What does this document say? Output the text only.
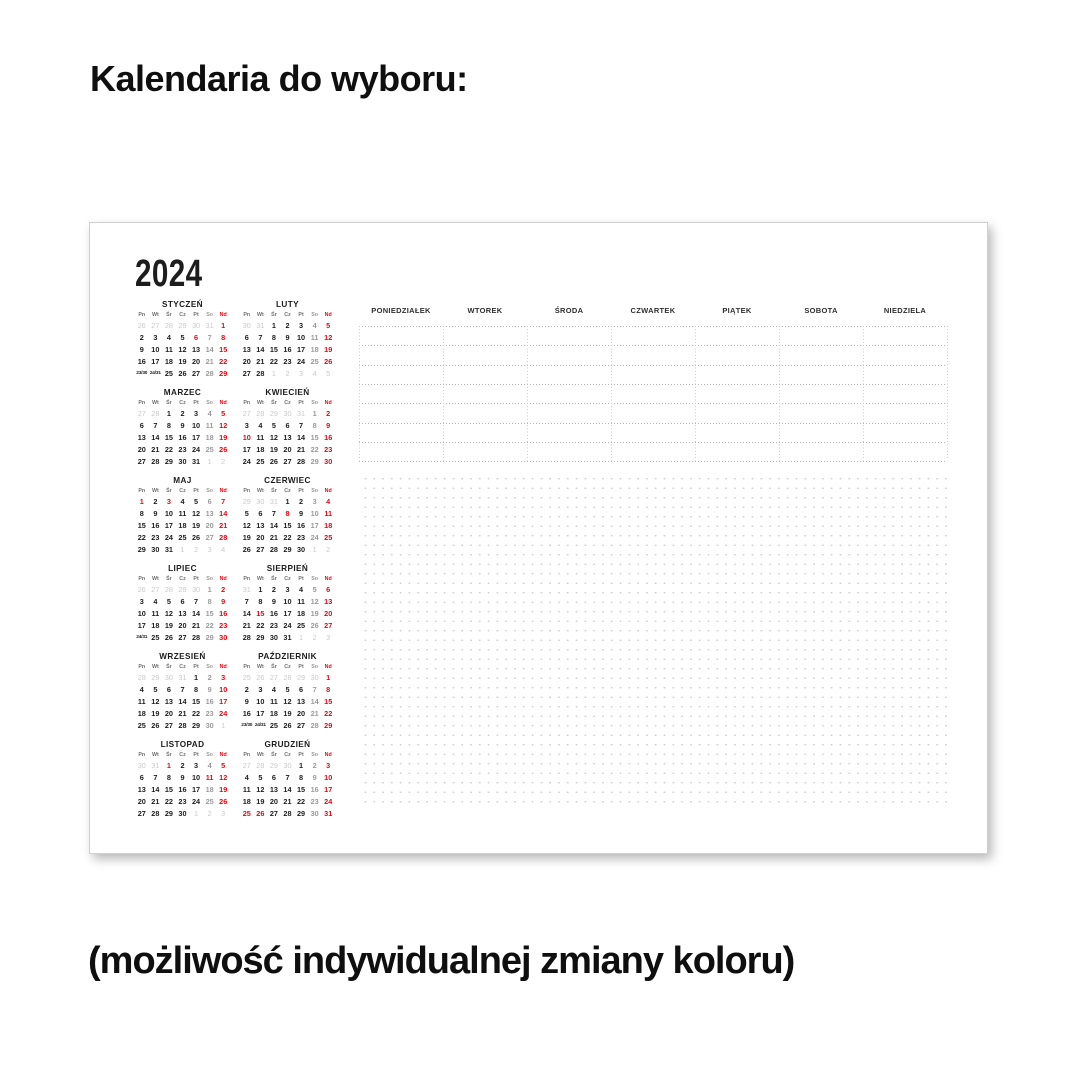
Kalendaria do wyboru:
2024
STYCZEŃ
Pn	Wt	Śr	Cz	Pt	So	Nd
26 27 28 29 30 31	1
2	3	4	5	6	7	8
9	10 11 12 13 14 15
16 17 18 19 20 21 22
23/30 24/31 25 26 27 28 29
LUTY
Pn	Wt	Śr	Cz	Pt	So	Nd
30 31	1	2	3	4	5
6	7	8	9	10 11 12
13 14 15 16 17 18 19
20 21 22 23 24 25 26
27 28	1	2	3	4	5
MARZEC
Pn	Wt	Śr	Cz	Pt	So	Nd
27 28	1	2	3	4	5
6	7	8	9	10 11 12
13 14 15 16 17 18 19
20 21 22 23 24 25 26
27 28 29 30 31	1	2
KWIECIEŃ
Pn	Wt	Śr	Cz	Pt	So	Nd
27 28 29 30 31	1	2
3	4	5	6	7	8	9
10 11 12 13 14 15 16
17 18 19 20 21 22 23
24 25 26 27 28 29 30
MAJ
Pn	Wt	Śr	Cz	Pt	So	Nd
1	2	3	4	5	6	7
8	9	10 11 12 13 14
15 16 17 18 19 20 21
22 23 24 25 26 27 28
29 30 31	1	2	3	4
CZERWIEC
Pn	Wt	Śr	Cz	Pt	So	Nd
29 30 31	1	2	3	4
5	6	7	8	9	10 11
12 13 14 15 16 17 18
19 20 21 22 23 24 25
26 27 28 29 30	1	2
LIPIEC
Pn	Wt	Śr	Cz	Pt	So	Nd
26 27 28 29 30	1	2
3	4	5	6	7	8	9
10 11 12 13 14 15 16
17 18 19 20 21 22 23
24/31 25 26 27 28 29 30
SIERPIEŃ
Pn	Wt	Śr	Cz	Pt	So	Nd
31	1	2	3	4	5	6
7	8	9	10 11 12 13
14 15 16 17 18 19 20
21 22 23 24 25 26 27
28 29 30 31	1	2	3
WRZESIEŃ
Pn	Wt	Śr	Cz	Pt	So	Nd
28 29 30 31	1	2	3
4	5	6	7	8	9	10
11 12 13 14 15 16 17
18 19 20 21 22 23 24
25 26 27 28 29 30	1
PAŹDZIERNIK
Pn	Wt	Śr	Cz	Pt	So	Nd
25 26 27 28 29 30	1
2	3	4	5	6	7	8
9	10 11 12 13 14 15
16 17 18 19 20 21 22
23/30 24/31 25 26 27 28 29
LISTOPAD
Pn	Wt	Śr	Cz	Pt	So	Nd
30 31	1	2	3	4	5
6	7	8	9	10 11 12
13 14 15 16 17 18 19
20 21 22 23 24 25 26
27 28 29 30	1	2	3
GRUDZIEŃ
Pn	Wt	Śr	Cz	Pt	So	Nd
27 28 29 30	1	2	3
4	5	6	7	8	9	10
11 12 13 14 15 16 17
18 19 20 21 22 23 24
25 26 27 28 29 30 31
PONIEDZIAŁEK	WTOREK	ŚRODA	CZWARTEK	PIĄTEK	SOBOTA	NIEDZIELA
(możliwość indywidualnej zmiany koloru)
